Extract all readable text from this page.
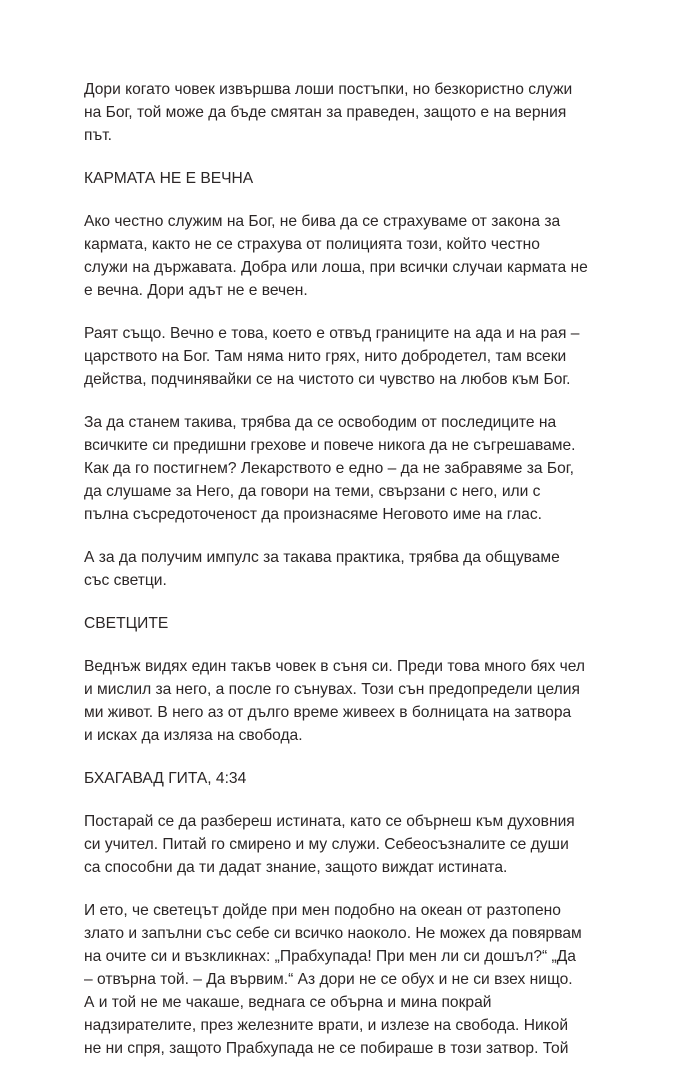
Дори когато човек извършва лоши постъпки, но безкористно служи
на Бог, той може да бъде смятан за праведен, защото е на верния
път.

КАРМАТА НЕ Е ВЕЧНА

Ако честно служим на Бог, не бива да се страхуваме от закона за
кармата, както не се страхува от полицията този, който честно
служи на държавата. Добра или лоша, при всички случаи кармата не
е вечна. Дори адът не е вечен.

Раят също. Вечно е това, което е отвъд границите на ада и на рая –
царството на Бог. Там няма нито грях, нито добродетел, там всеки
действа, подчинявайки се на чистото си чувство на любов към Бог.

За да станем такива, трябва да се освободим от последиците на
всичките си предишни грехове и повече никога да не съгрешаваме.
Как да го постигнем? Лекарството е едно – да не забравяме за Бог,
да слушаме за Него, да говори на теми, свързани с него, или с
пълна съсредоточеност да произнасяме Неговото име на глас.

А за да получим импулс за такава практика, трябва да общуваме
със светци.

СВЕТЦИТЕ

Веднъж видях един такъв човек в съня си. Преди това много бях чел
и мислил за него, а после го сънувах. Този сън предопредели целия
ми живот. В него аз от дълго време живеех в болницата на затвора
и исках да изляза на свобода.

БХАГАВАД ГИТА, 4:34

Постарай се да разбереш истината, като се обърнеш към духовния
си учител. Питай го смирено и му служи. Себеосъзналите се души
са способни да ти дадат знание, защото виждат истината.

И ето, че светецът дойде при мен подобно на океан от разтопено
злато и запълни със себе си всичко наоколо. Не можех да повярвам
на очите си и възкликнах: „Прабхупада! При мен ли си дошъл?“ „Да
– отвърна той. – Да вървим.“ Аз дори не се обух и не си взех нищо.
А и той не ме чакаше, веднага се обърна и мина покрай
надзирателите, през железните врати, и излезе на свобода. Никой
не ни спря, защото Прабхупада не се побираше в този затвор. Той
